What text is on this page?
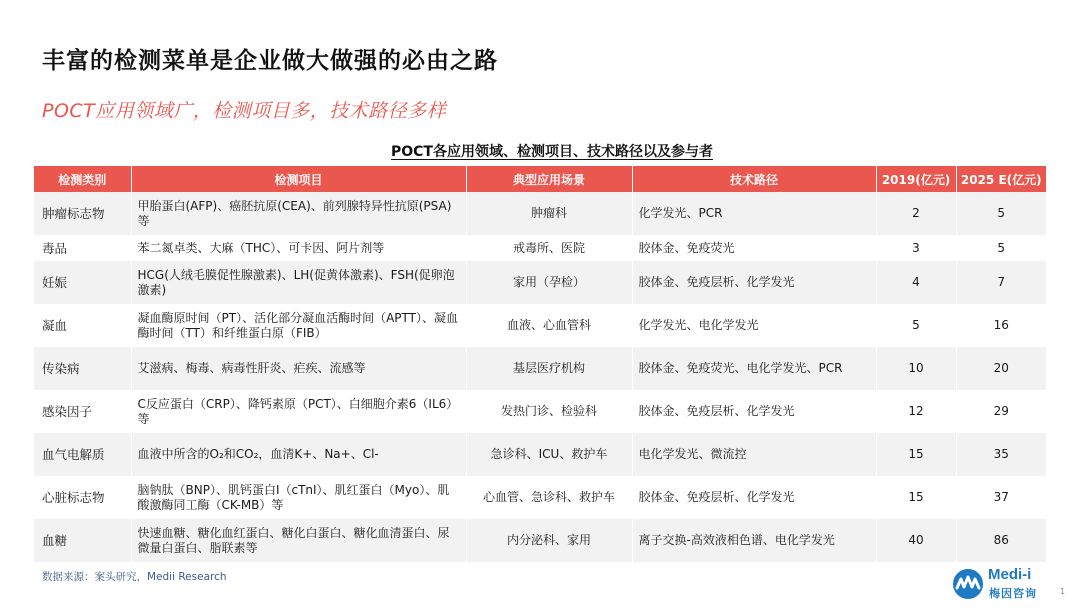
丰富的检测菜单是企业做大做强的必由之路
POCT应用领域广，检测项目多，技术路径多样
POCT各应用领域、检测项目、技术路径以及参与者
检测类别	检测项目	典型应用场景	技术路径	2019(亿元)	2025 E(亿元)
肿瘤标志物	甲胎蛋白(AFP)、癌胚抗原(CEA)、前列腺特异性抗原(PSA)等	肿瘤科	化学发光、PCR	2	5
毒品	苯二氮卓类、大麻（THC）、可卡因、阿片剂等	戒毒所、医院	胶体金、免疫荧光	3	5
妊娠	HCG(人绒毛膜促性腺激素)、LH(促黄体激素)、FSH(促卵泡激素)	家用（孕检）	胶体金、免疫层析、化学发光	4	7
凝血	凝血酶原时间（PT）、活化部分凝血活酶时间（APTT）、凝血酶时间（TT）和纤维蛋白原（FIB）	血液、心血管科	化学发光、电化学发光	5	16
传染病	艾滋病、梅毒、病毒性肝炎、疟疾、流感等	基层医疗机构	胶体金、免疫荧光、电化学发光、PCR	10	20
感染因子	C反应蛋白（CRP）、降钙素原（PCT）、白细胞介素6（IL6）等	发热门诊、检验科	胶体金、免疫层析、化学发光	12	29
血气电解质	血液中所含的O₂和CO₂，血清K+、Na+、Cl-	急诊科、ICU、救护车	电化学发光、微流控	15	35
心脏标志物	脑钠肽（BNP）、肌钙蛋白I（cTnI）、肌红蛋白（Myo）、肌酸激酶同工酶（CK-MB）等	心血管、急诊科、救护车	胶体金、免疫层析、化学发光	15	37
血糖	快速血糖、糖化血红蛋白、糖化白蛋白、糖化血清蛋白、尿微量白蛋白、脂联素等	内分泌科、家用	离子交换-高效液相色谱、电化学发光	40	86
数据来源：案头研究，Medii Research	Medi-i
梅因咨询	1
